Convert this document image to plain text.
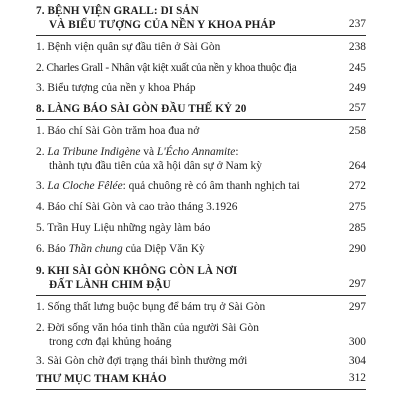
7. BỆNH VIỆN GRALL: DI SẢN
VÀ BIỂU TƯỢNG CỦA NỀN Y KHOA PHÁP	237
1. Bệnh viện quân sự đầu tiên ở Sài Gòn	238
2. Charles Grall - Nhân vật kiệt xuất của nền y khoa thuộc địa	245
3. Biểu tượng của nền y khoa Pháp	249
8. LÀNG BÁO SÀI GÒN ĐẦU THẾ KỶ 20	257
1. Báo chí Sài Gòn trăm hoa đua nở	258
2. La Tribune Indigène và L'Écho Annamite:
thành tựu đầu tiên của xã hội dân sự ở Nam kỳ	264
3. La Cloche Fêlée: quả chuông rè có âm thanh nghịch tai	272
4. Báo chí Sài Gòn và cao trào tháng 3.1926	275
5. Trần Huy Liệu những ngày làm báo	285
6. Báo Thần chung của Diệp Văn Kỳ	290
9. KHI SÀI GÒN KHÔNG CÒN LÀ NƠI
ĐẤT LÀNH CHIM ĐẬU	297
1. Sống thất lưng buộc bụng để bám trụ ở Sài Gòn	297
2. Đời sống văn hóa tinh thần của người Sài Gòn
trong cơn đại khủng hoảng	300
3. Sài Gòn chờ đợi trạng thái bình thường mới	304
THƯ MỤC THAM KHẢO	312
